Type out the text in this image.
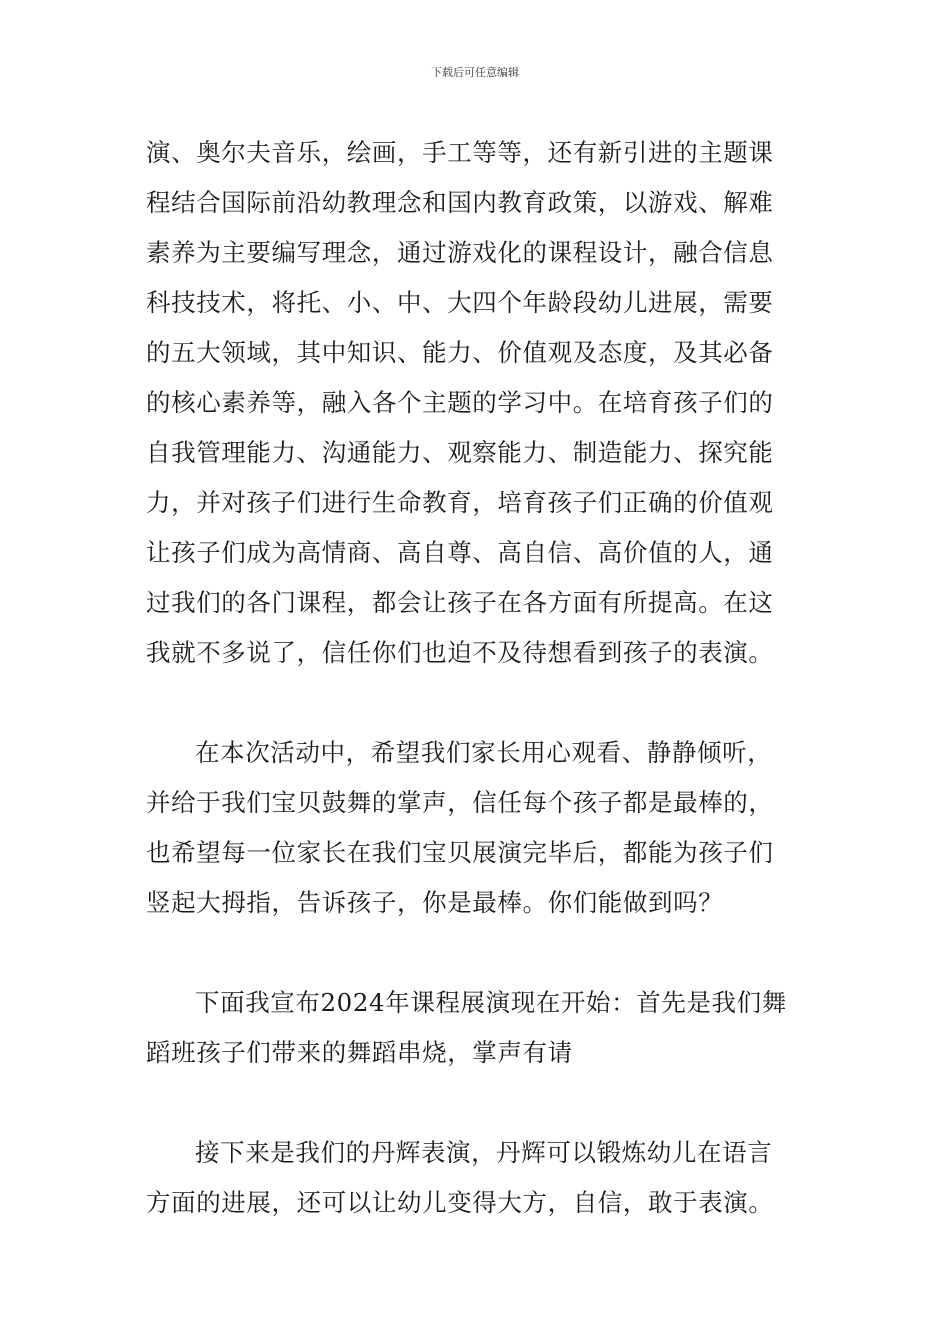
下载后可任意编辑
演、奥尔夫音乐，绘画，手工等等，还有新引进的主题课
程结合国际前沿幼教理念和国内教育政策，以游戏、解难
素养为主要编写理念，通过游戏化的课程设计，融合信息
科技技术，将托、小、中、大四个年龄段幼儿进展，需要
的五大领域，其中知识、能力、价值观及态度，及其必备
的核心素养等，融入各个主题的学习中。在培育孩子们的
自我管理能力、沟通能力、观察能力、制造能力、探究能
力，并对孩子们进行生命教育，培育孩子们正确的价值观
让孩子们成为高情商、高自尊、高自信、高价值的人，通
过我们的各门课程，都会让孩子在各方面有所提高。在这
我就不多说了，信任你们也迫不及待想看到孩子的表演。
在本次活动中，希望我们家长用心观看、静静倾听，
并给于我们宝贝鼓舞的掌声，信任每个孩子都是最棒的，
也希望每一位家长在我们宝贝展演完毕后，都能为孩子们
竖起大拇指，告诉孩子，你是最棒。你们能做到吗？
下面我宣布2024年课程展演现在开始：首先是我们舞
蹈班孩子们带来的舞蹈串烧，掌声有请
接下来是我们的丹辉表演，丹辉可以锻炼幼儿在语言
方面的进展，还可以让幼儿变得大方，自信，敢于表演。
